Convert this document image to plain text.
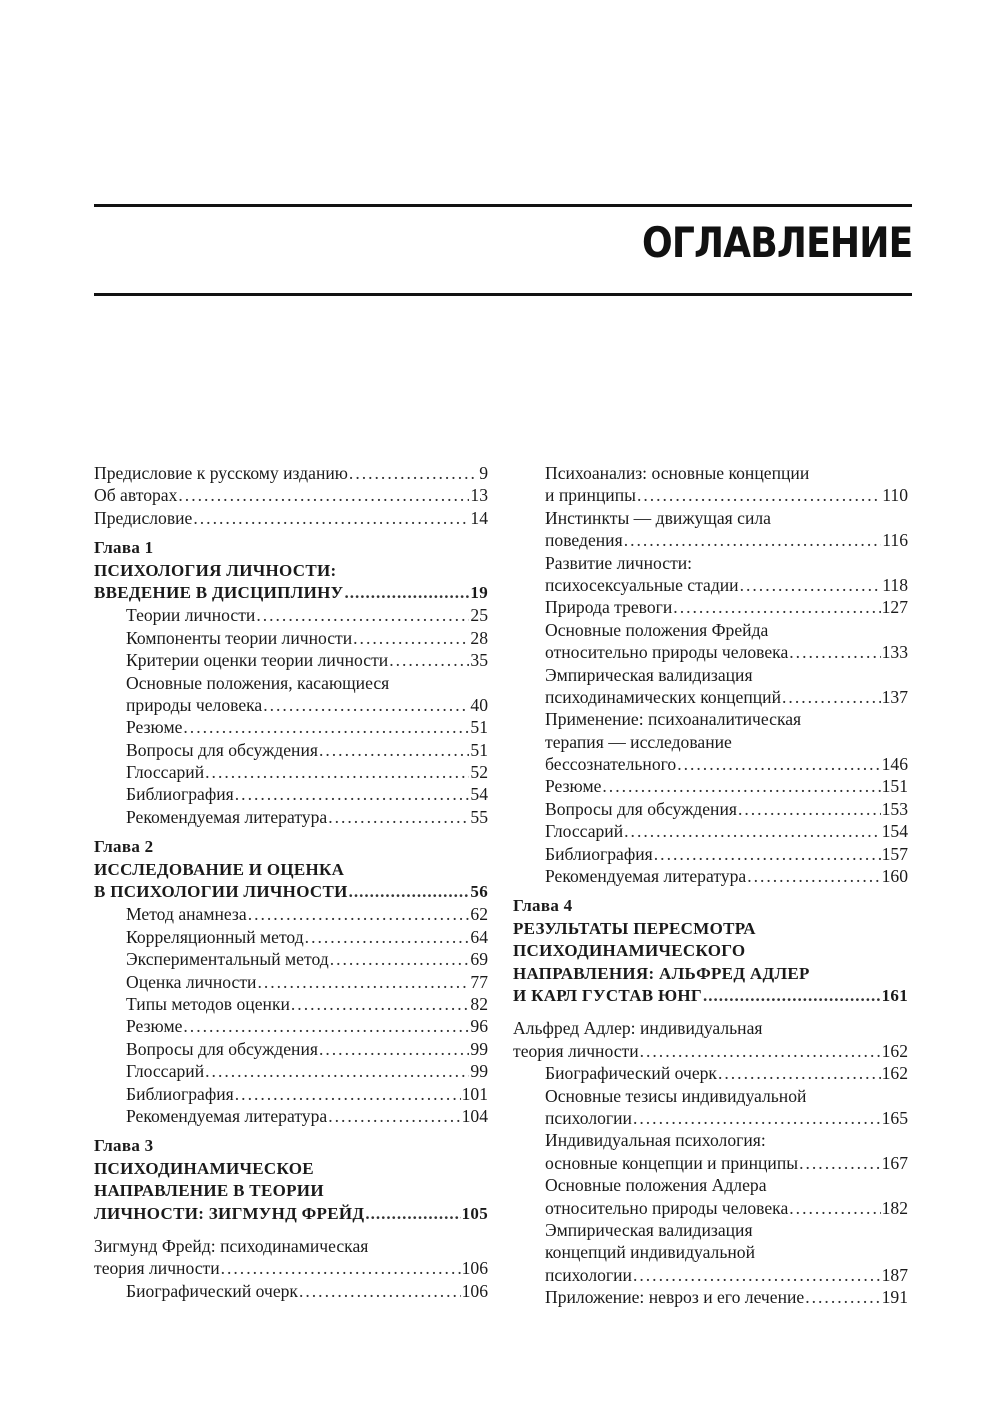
ОГЛАВЛЕНИЕ
Предисловие к русскому изданию .....	9
Об авторах .....	13
Предисловие .....	14
Глава 1
ПСИХОЛОГИЯ ЛИЧНОСТИ:
ВВЕДЕНИЕ В ДИСЦИПЛИНУ .....	19
Теории личности .....	25
Компоненты теории личности .....	28
Критерии оценки теории личности .....	35
Основные положения, касающиеся
природы человека .....	40
Резюме .....	51
Вопросы для обсуждения .....	51
Глоссарий .....	52
Библиография .....	54
Рекомендуемая литература .....	55
Глава 2
ИССЛЕДОВАНИЕ И ОЦЕНКА
В ПСИХОЛОГИИ ЛИЧНОСТИ .....	56
Метод анамнеза .....	62
Корреляционный метод .....	64
Экспериментальный метод .....	69
Оценка личности .....	77
Типы методов оценки .....	82
Резюме .....	96
Вопросы для обсуждения .....	99
Глоссарий .....	99
Библиография .....	101
Рекомендуемая литература .....	104
Глава 3
ПСИХОДИНАМИЧЕСКОЕ
НАПРАВЛЕНИЕ В ТЕОРИИ
ЛИЧНОСТИ: ЗИГМУНД ФРЕЙД .....	105
Зигмунд Фрейд: психодинамическая
теория личности .....	106
Биографический очерк .....	106
Психоанализ: основные концепции
и принципы .....	110
Инстинкты — движущая сила
поведения .....	116
Развитие личности:
психосексуальные стадии .....	118
Природа тревоги .....	127
Основные положения Фрейда
относительно природы человека .....	133
Эмпирическая валидизация
психодинамических концепций .....	137
Применение: психоаналитическая
терапия — исследование
бессознательного .....	146
Резюме .....	151
Вопросы для обсуждения .....	153
Глоссарий .....	154
Библиография .....	157
Рекомендуемая литература .....	160
Глава 4
РЕЗУЛЬТАТЫ ПЕРЕСМОТРА
ПСИХОДИНАМИЧЕСКОГО
НАПРАВЛЕНИЯ: АЛЬФРЕД АДЛЕР
И КАРЛ ГУСТАВ ЮНГ .....	161
Альфред Адлер: индивидуальная
теория личности .....	162
Биографический очерк .....	162
Основные тезисы индивидуальной
психологии .....	165
Индивидуальная психология:
основные концепции и принципы .....	167
Основные положения Адлера
относительно природы человека .....	182
Эмпирическая валидизация
концепций индивидуальной
психологии .....	187
Приложение: невроз и его лечение .....	191
